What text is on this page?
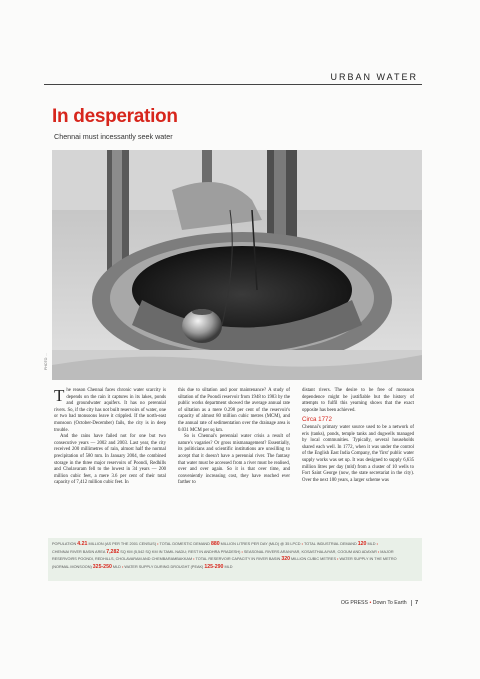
URBAN WATER
In desperation
Chennai must incessantly seek water
PHOTO: ...

The reason Chennai faces chronic water scarcity is depends on the rain it captures in its lakes, ponds and groundwater aquifers. It has no perennial rivers. So, if the city has not built reservoirs of water, one or two bad monsoons leave it crippled. If the north-east monsoon (October-December) fails, the city is in deep trouble.

And the rains have failed not for one but two consecutive years — 2002 and 2003. Last year, the city received 200 millimetres of rain, almost half the normal precipitation of 580 mm. In January 2004, the combined storage in the three major reservoirs of Poondi, Redhills and Cholavaram fell to the lowest in 34 years — 200 million cubic feet, a mere 3.6 per cent of their total capacity of 7,412 million cubic feet. In

this due to siltation and poor maintenance? A study of siltation of the Poondi reservoir from 1948 to 1983 by the public works department showed the average annual rate of siltation as a mere 0.298 per cent of the reservoir's capacity of almost 80 million cubic metres (MCM), and the annual rate of sedimentation over the drainage area is 0.031 MCM per sq km.

So is Chennai's perennial water crisis a result of nature's vagaries? Or gross mismanagement? Essentially, its politicians and scientific institutions are unwilling to accept that it doesn't have a perennial river. The fantasy that water must be accessed from a river must be realised, over and over again. So it is that over time, and conveniently increasing cost, they have reached ever farther to

distant rivers. The desire to be free of monsoon dependence might be justifiable but the history of attempts to fulfil this yearning shows that the exact opposite has been achieved.

Circa 1772

Chennai's primary water source used to be a network of eris (tanks), ponds, temple tanks and dugwells managed by local communities. Typically, several households shared each well. In 1772, when it was under the control of the English East India Company, the 'first' public water supply works was set up. It was designed to supply 6,635 million litres per day (mld) from a cluster of 10 wells to Fort Saint George (now, the state secretariat in the city). Over the next 100 years, a larger scheme was

POPULATION 4.21 MILLION (AS PER THE 2001 CENSUS) • TOTAL DOMESTIC DEMAND 880 MILLION LITRES PER DAY (MLD) @ 35 LPCD • TOTAL INDUSTRIAL DEMAND 120 MLD •
CHENNAI RIVER BASIN AREA 7,282 SQ KM (5,542 SQ KM IN TAMIL NADU; REST IN ANDHRA PRADESH) • SEASONAL RIVERS ARANIYAR, KOSASTHALAIYAR, COOUM AND ADAYAR • MAJOR
RESERVOIRS POONDI, REDHILLS, CHOLAVARAM AND CHEMBARAMBAKKAM • TOTAL RESERVOIR CAPACITY IN RIVER BASIN 320 MILLION CUBIC METRES • WATER SUPPLY IN THE METRO
(NORMAL MONSOON) 325-250 MLD • WATER SUPPLY DURING DROUGHT (PEAK) 125-290 MLD
OG PRESS • Down To Earth 7
